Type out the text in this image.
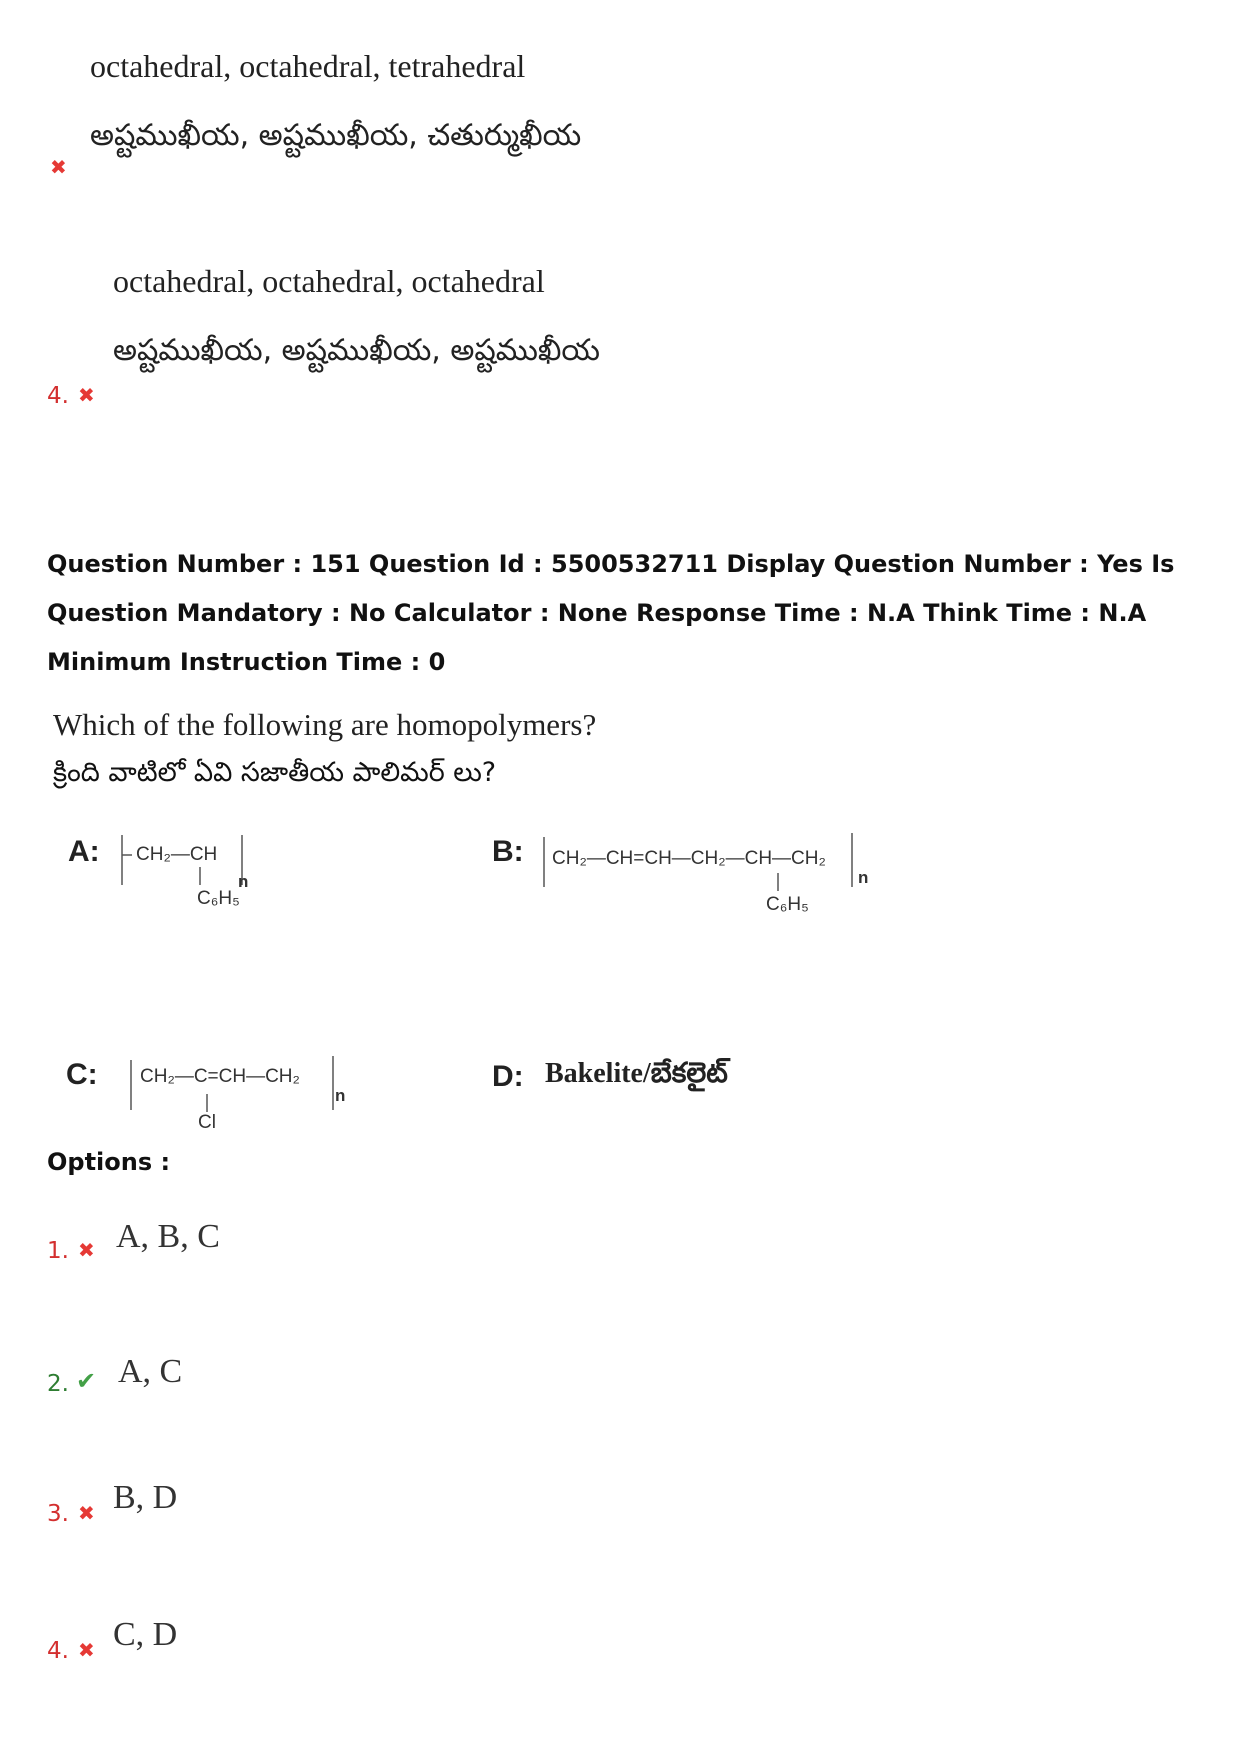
octahedral, octahedral, tetrahedral
అష్టముఖీయ, అష్టముఖీయ, చతుర్ముఖీయ
✖
octahedral, octahedral, octahedral
అష్టముఖీయ, అష్టముఖీయ, అష్టముఖీయ
4. ✖
Question Number : 151 Question Id : 5500532711 Display Question Number : Yes Is Question Mandatory : No Calculator : None Response Time : N.A Think Time : N.A Minimum Instruction Time : 0
Which of the following are homopolymers?
క్రింది వాటిలో ఏవి సజాతీయ పాలిమర్ లు?
A: CH₂—CH
C₆H₅
n
B: CH₂—CH=CH—CH₂—CH—CH₂
C₆H₅
n
C: CH₂—C=CH—CH₂
Cl
n
D: Bakelite/బేకలైట్
Options :
1. ✖ A, B, C
2. ✔ A, C
3. ✖ B, D
4. ✖ C, D
